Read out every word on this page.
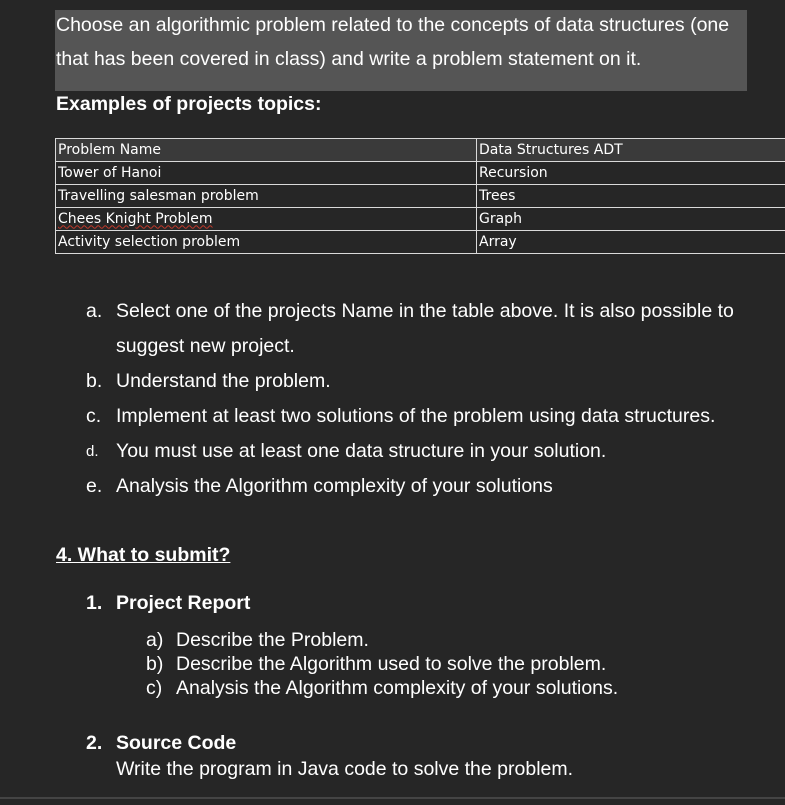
Choose an algorithmic problem related to the concepts of data structures (one
that has been covered in class) and write a problem statement on it.
Examples of projects topics:
Problem Name	Data Structures ADT
Tower of Hanoi	Recursion
Travelling salesman problem	Trees
Chees Knight Problem	Graph
Activity selection problem	Array
a. Select one of the projects Name in the table above. It is also possible to
suggest new project.
b. Understand the problem.
c. Implement at least two solutions of the problem using data structures.
d. You must use at least one data structure in your solution.
e. Analysis the Algorithm complexity of your solutions
4. What to submit?
1. Project Report
a) Describe the Problem.
b) Describe the Algorithm used to solve the problem.
c) Analysis the Algorithm complexity of your solutions.
2. Source Code
Write the program in Java code to solve the problem.
